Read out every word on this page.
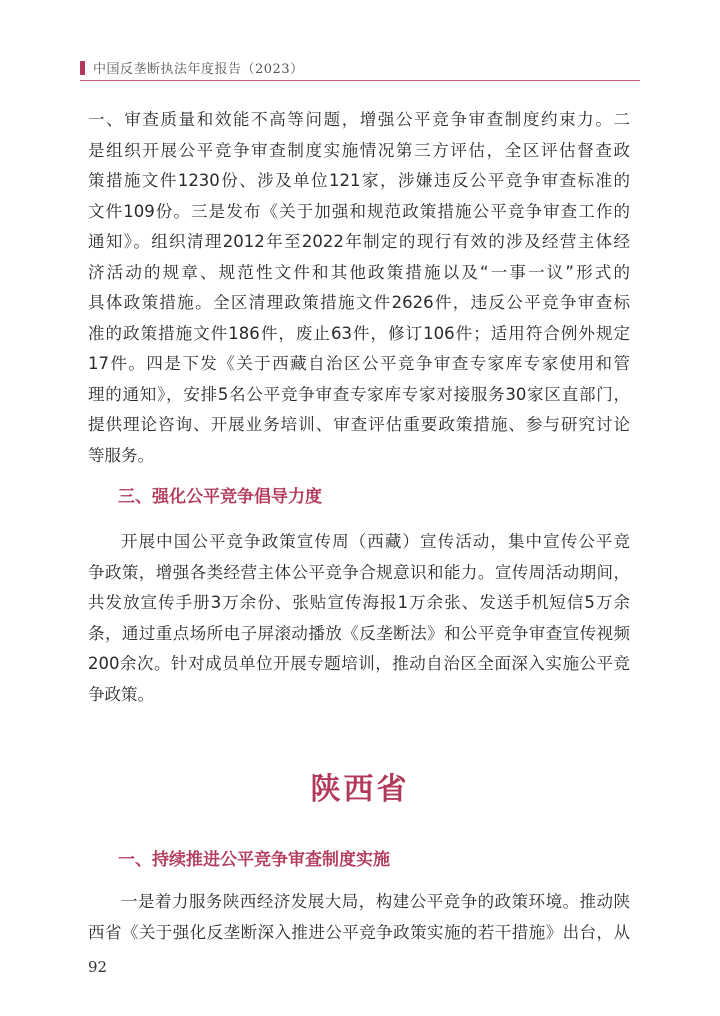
中国反垄断执法年度报告（2023）
一、审查质量和效能不高等问题，增强公平竞争审查制度约束力。二
是组织开展公平竞争审查制度实施情况第三方评估，全区评估督查政
策措施文件1230份、涉及单位121家，涉嫌违反公平竞争审查标准的
文件109份。三是发布《关于加强和规范政策措施公平竞争审查工作的
通知》。组织清理2012年至2022年制定的现行有效的涉及经营主体经
济活动的规章、规范性文件和其他政策措施以及“一事一议”形式的
具体政策措施。全区清理政策措施文件2626件，违反公平竞争审查标
准的政策措施文件186件，废止63件，修订106件；适用符合例外规定
17件。四是下发《关于西藏自治区公平竞争审查专家库专家使用和管
理的通知》，安排5名公平竞争审查专家库专家对接服务30家区直部门，
提供理论咨询、开展业务培训、审查评估重要政策措施、参与研究讨论
等服务。
三、强化公平竞争倡导力度
开展中国公平竞争政策宣传周（西藏）宣传活动，集中宣传公平竞
争政策，增强各类经营主体公平竞争合规意识和能力。宣传周活动期间，
共发放宣传手册3万余份、张贴宣传海报1万余张、发送手机短信5万余
条，通过重点场所电子屏滚动播放《反垄断法》和公平竞争审查宣传视频
200余次。针对成员单位开展专题培训，推动自治区全面深入实施公平竞
争政策。
陕西省
一、持续推进公平竞争审查制度实施
一是着力服务陕西经济发展大局，构建公平竞争的政策环境。推动陕
西省《关于强化反垄断深入推进公平竞争政策实施的若干措施》出台，从
92
